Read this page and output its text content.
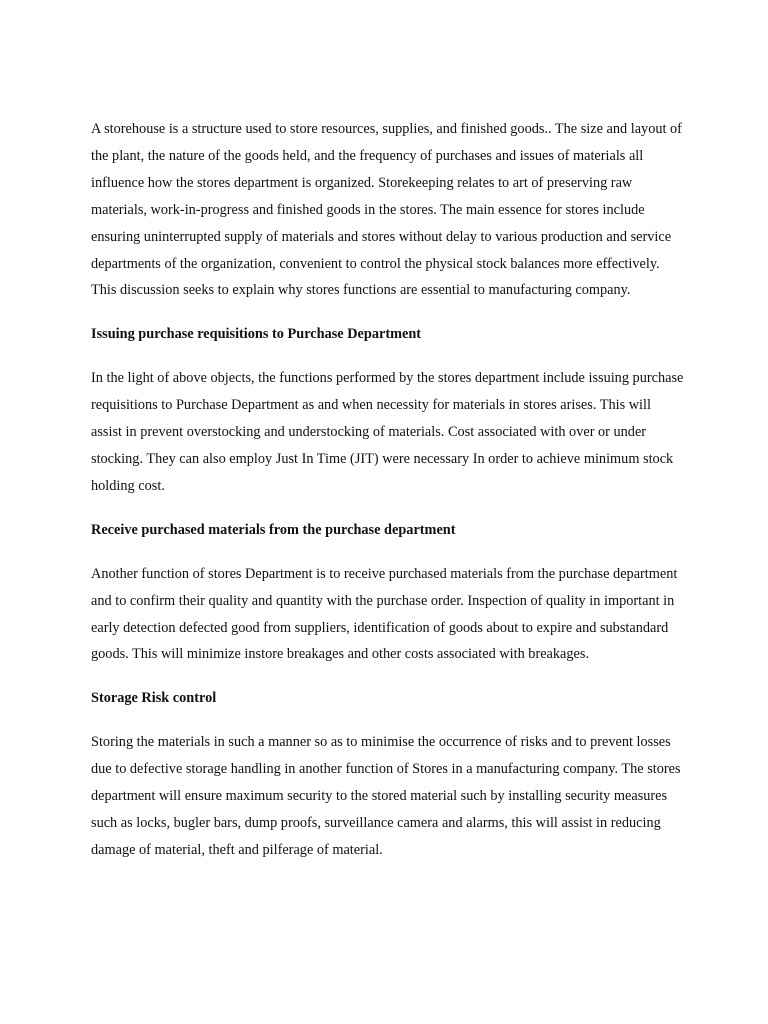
A storehouse is a structure used to store resources, supplies, and finished goods.. The size and layout of the plant, the nature of the goods held, and the frequency of purchases and issues of materials all influence how the stores department is organized. Storekeeping relates to art of preserving raw materials, work-in-progress and finished goods in the stores. The main essence for stores include ensuring uninterrupted supply of materials and stores without delay to various production and service departments of the organization, convenient to control the physical stock balances more effectively. This discussion seeks to explain why stores functions are essential to manufacturing company.

Issuing purchase requisitions to Purchase Department

In the light of above objects, the functions performed by the stores department include issuing purchase requisitions to Purchase Department as and when necessity for materials in stores arises. This will assist in prevent overstocking and understocking of materials. Cost associated with over or under stocking. They can also employ Just In Time (JIT) were necessary In order to achieve minimum stock holding cost.

Receive purchased materials from the purchase department

Another function of stores Department is to receive purchased materials from the purchase department and to confirm their quality and quantity with the purchase order. Inspection of quality in important in early detection defected good from suppliers, identification of goods about to expire and substandard goods. This will minimize instore breakages and other costs associated with breakages.

Storage Risk control

Storing the materials in such a manner so as to minimise the occurrence of risks and to prevent losses due to defective storage handling in another function of Stores in a manufacturing company. The stores department will ensure maximum security to the stored material such by installing security measures such as locks, bugler bars, dump proofs, surveillance camera and alarms, this will assist in reducing damage of material, theft and pilferage of material.
